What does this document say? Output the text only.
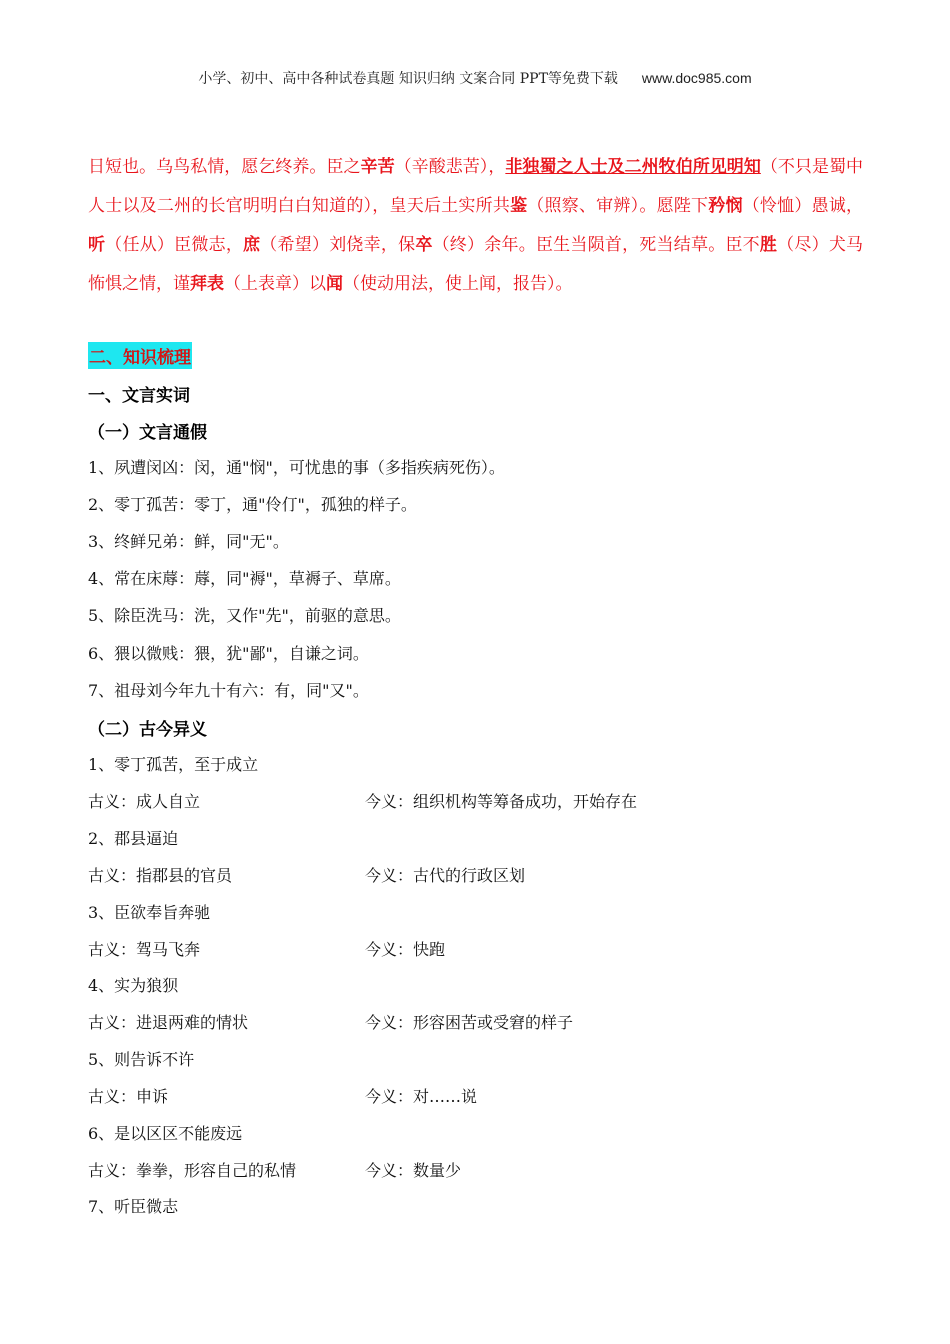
小学、初中、高中各种试卷真题 知识归纳 文案合同 PPT等免费下载 www.doc985.com
日短也。乌鸟私情，愿乞终养。臣之辛苦（辛酸悲苦），非独蜀之人士及二州牧伯所见明知（不只是蜀中人士以及二州的长官明明白白知道的），皇天后土实所共鉴（照察、审辨）。愿陛下矜悯（怜恤）愚诚，听（任从）臣微志，庶（希望）刘侥幸，保卒（终）余年。臣生当陨首，死当结草。臣不胜（尽）犬马怖惧之情，谨拜表（上表章）以闻（使动用法，使上闻，报告）。
二、知识梳理
一、文言实词
（一）文言通假
1、夙遭闵凶：闵，通"悯"，可忧患的事（多指疾病死伤）。
2、零丁孤苦：零丁，通"伶仃"，孤独的样子。
3、终鲜兄弟：鲜，同"无"。
4、常在床蓐：蓐，同"褥"，草褥子、草席。
5、除臣洗马：洗，又作"先"，前驱的意思。
6、猥以微贱：猥，犹"鄙"，自谦之词。
7、祖母刘今年九十有六：有，同"又"。
（二）古今异义
1、零丁孤苦，至于成立
古义：成人自立	今义：组织机构等筹备成功，开始存在
2、郡县逼迫
古义：指郡县的官员	今义：古代的行政区划
3、臣欲奉旨奔驰
古义：驾马飞奔	今义：快跑
4、实为狼狈
古义：进退两难的情状	今义：形容困苦或受窘的样子
5、则告诉不许
古义：申诉	今义：对……说
6、是以区区不能废远
古义：拳拳，形容自己的私情	今义：数量少
7、听臣微志
